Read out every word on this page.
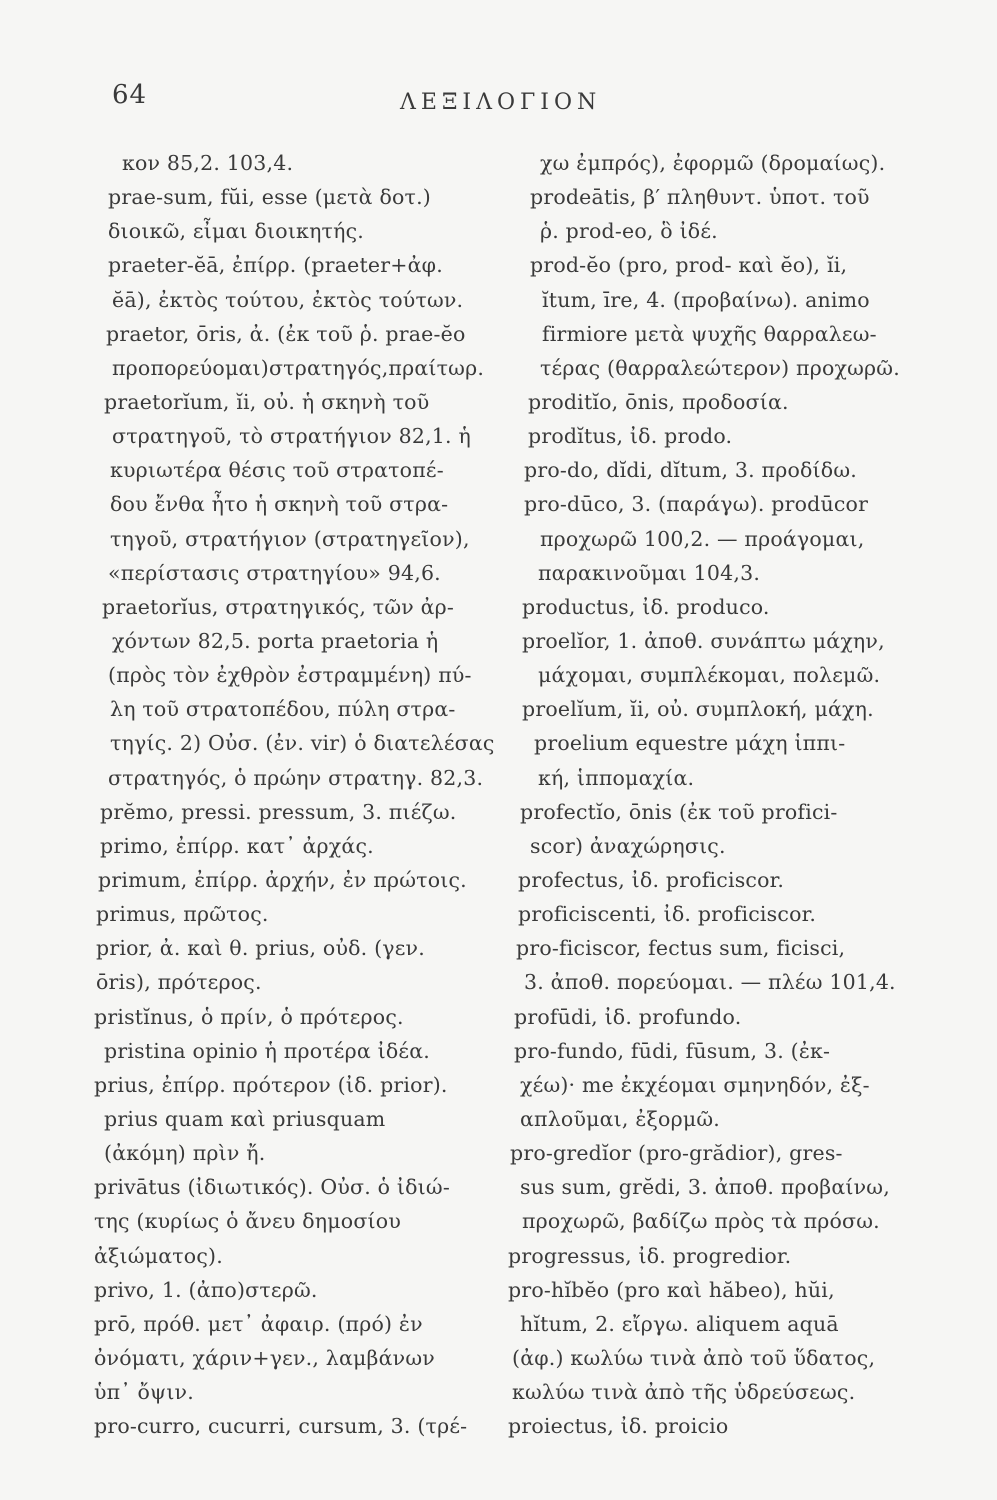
64	ΛΕΞΙΛΟΓΙΟΝ
κον 85,2. 103,4.
prae-sum, fŭi, esse (μετὰ δοτ.)
διοικῶ, εἶμαι διοικητής.
praeter-ĕā, ἐπίρρ. (praeter+ἀφ.
ĕā), ἐκτὸς τούτου, ἐκτὸς τούτων.
praetor, ōris, ἀ. (ἐκ τοῦ ῥ. prae-ĕo
προπορεύομαι)στρατηγός,πραίτωρ.
praetorĭum, ĭi, οὐ. ἡ σκηνὴ τοῦ
στρατηγοῦ, τὸ στρατήγιον 82,1. ἡ
κυριωτέρα θέσις τοῦ στρατοπέ-
δου ἔνθα ἦτο ἡ σκηνὴ τοῦ στρα-
τηγοῦ, στρατήγιον (στρατηγεῖον),
«περίστασις στρατηγίου» 94,6.
praetorĭus, στρατηγικός, τῶν ἀρ-
χόντων 82,5. porta praetoria ἡ
(πρὸς τὸν ἐχθρὸν ἐστραμμένη) πύ-
λη τοῦ στρατοπέδου, πύλη στρα-
τηγίς. 2) Οὐσ. (ἐν. vir) ὁ διατελέσας
στρατηγός, ὁ πρώην στρατηγ. 82,3.
prĕmo, pressi. pressum, 3. πιέζω.
primo, ἐπίρρ. κατ᾽ ἀρχάς.
primum, ἐπίρρ. ἀρχήν, ἐν πρώτοις.
primus, πρῶτος.
prior, ἀ. καὶ θ. prius, οὐδ. (γεν.
ōris), πρότερος.
pristĭnus, ὁ πρίν, ὁ πρότερος.
pristina opinio ἡ προτέρα ἰδέα.
prius, ἐπίρρ. πρότερον (ἰδ. prior).
prius quam καὶ priusquam
(ἀκόμη) πρὶν ἤ.
privātus (ἰδιωτικός). Οὐσ. ὁ ἰδιώ-
της (κυρίως ὁ ἄνευ δημοσίου
ἀξιώματος).
privo, 1. (ἀπο)στερῶ.
prō, πρόθ. μετ᾽ ἀφαιρ. (πρό) ἐν
ὀνόματι, χάριν+γεν., λαμβάνων
ὑπ᾽ ὄψιν.
pro-curro, cucurri, cursum, 3. (τρέ-
χω ἐμπρός), ἐφορμῶ (δρομαίως).
prodeātis, β′ πληθυντ. ὑποτ. τοῦ
ῥ. prod-eo, ὃ ἰδέ.
prod-ĕo (pro, prod- καὶ ĕo), ĭi,
ĭtum, īre, 4. (προβαίνω). animo
firmiore μετὰ ψυχῆς θαρραλεω-
τέρας (θαρραλεώτερον) προχωρῶ.
proditĭo, ōnis, προδοσία.
prodĭtus, ἰδ. prodo.
pro-do, dĭdi, dĭtum, 3. προδίδω.
pro-dūco, 3. (παράγω). prodūcor
προχωρῶ 100,2. — προάγομαι,
παρακινοῦμαι 104,3.
productus, ἰδ. produco.
proelĭor, 1. ἀποθ. συνάπτω μάχην,
μάχομαι, συμπλέκομαι, πολεμῶ.
proelĭum, ĭi, οὐ. συμπλοκή, μάχη.
proelium equestre μάχη ἱππι-
κή, ἱππομαχία.
profectĭo, ōnis (ἐκ τοῦ profici-
scor) ἀναχώρησις.
profectus, ἰδ. proficiscor.
proficiscenti, ἰδ. proficiscor.
pro-ficiscor, fectus sum, ficisci,
3. ἀποθ. πορεύομαι. — πλέω 101,4.
profūdi, ἰδ. profundo.
pro-fundo, fūdi, fūsum, 3. (ἐκ-
χέω)· me ἐκχέομαι σμηνηδόν, ἐξ-
απλοῦμαι, ἐξορμῶ.
pro-gredĭor (pro-grădior), gres-
sus sum, grĕdi, 3. ἀποθ. προβαίνω,
προχωρῶ, βαδίζω πρὸς τὰ πρόσω.
progressus, ἰδ. progredior.
pro-hĭbĕo (pro καὶ hăbeo), hŭi,
hĭtum, 2. εἴργω. aliquem aquā
(ἀφ.) κωλύω τινὰ ἀπὸ τοῦ ὕδατος,
κωλύω τινὰ ἀπὸ τῆς ὑδρεύσεως.
proiectus, ἰδ. proicio
